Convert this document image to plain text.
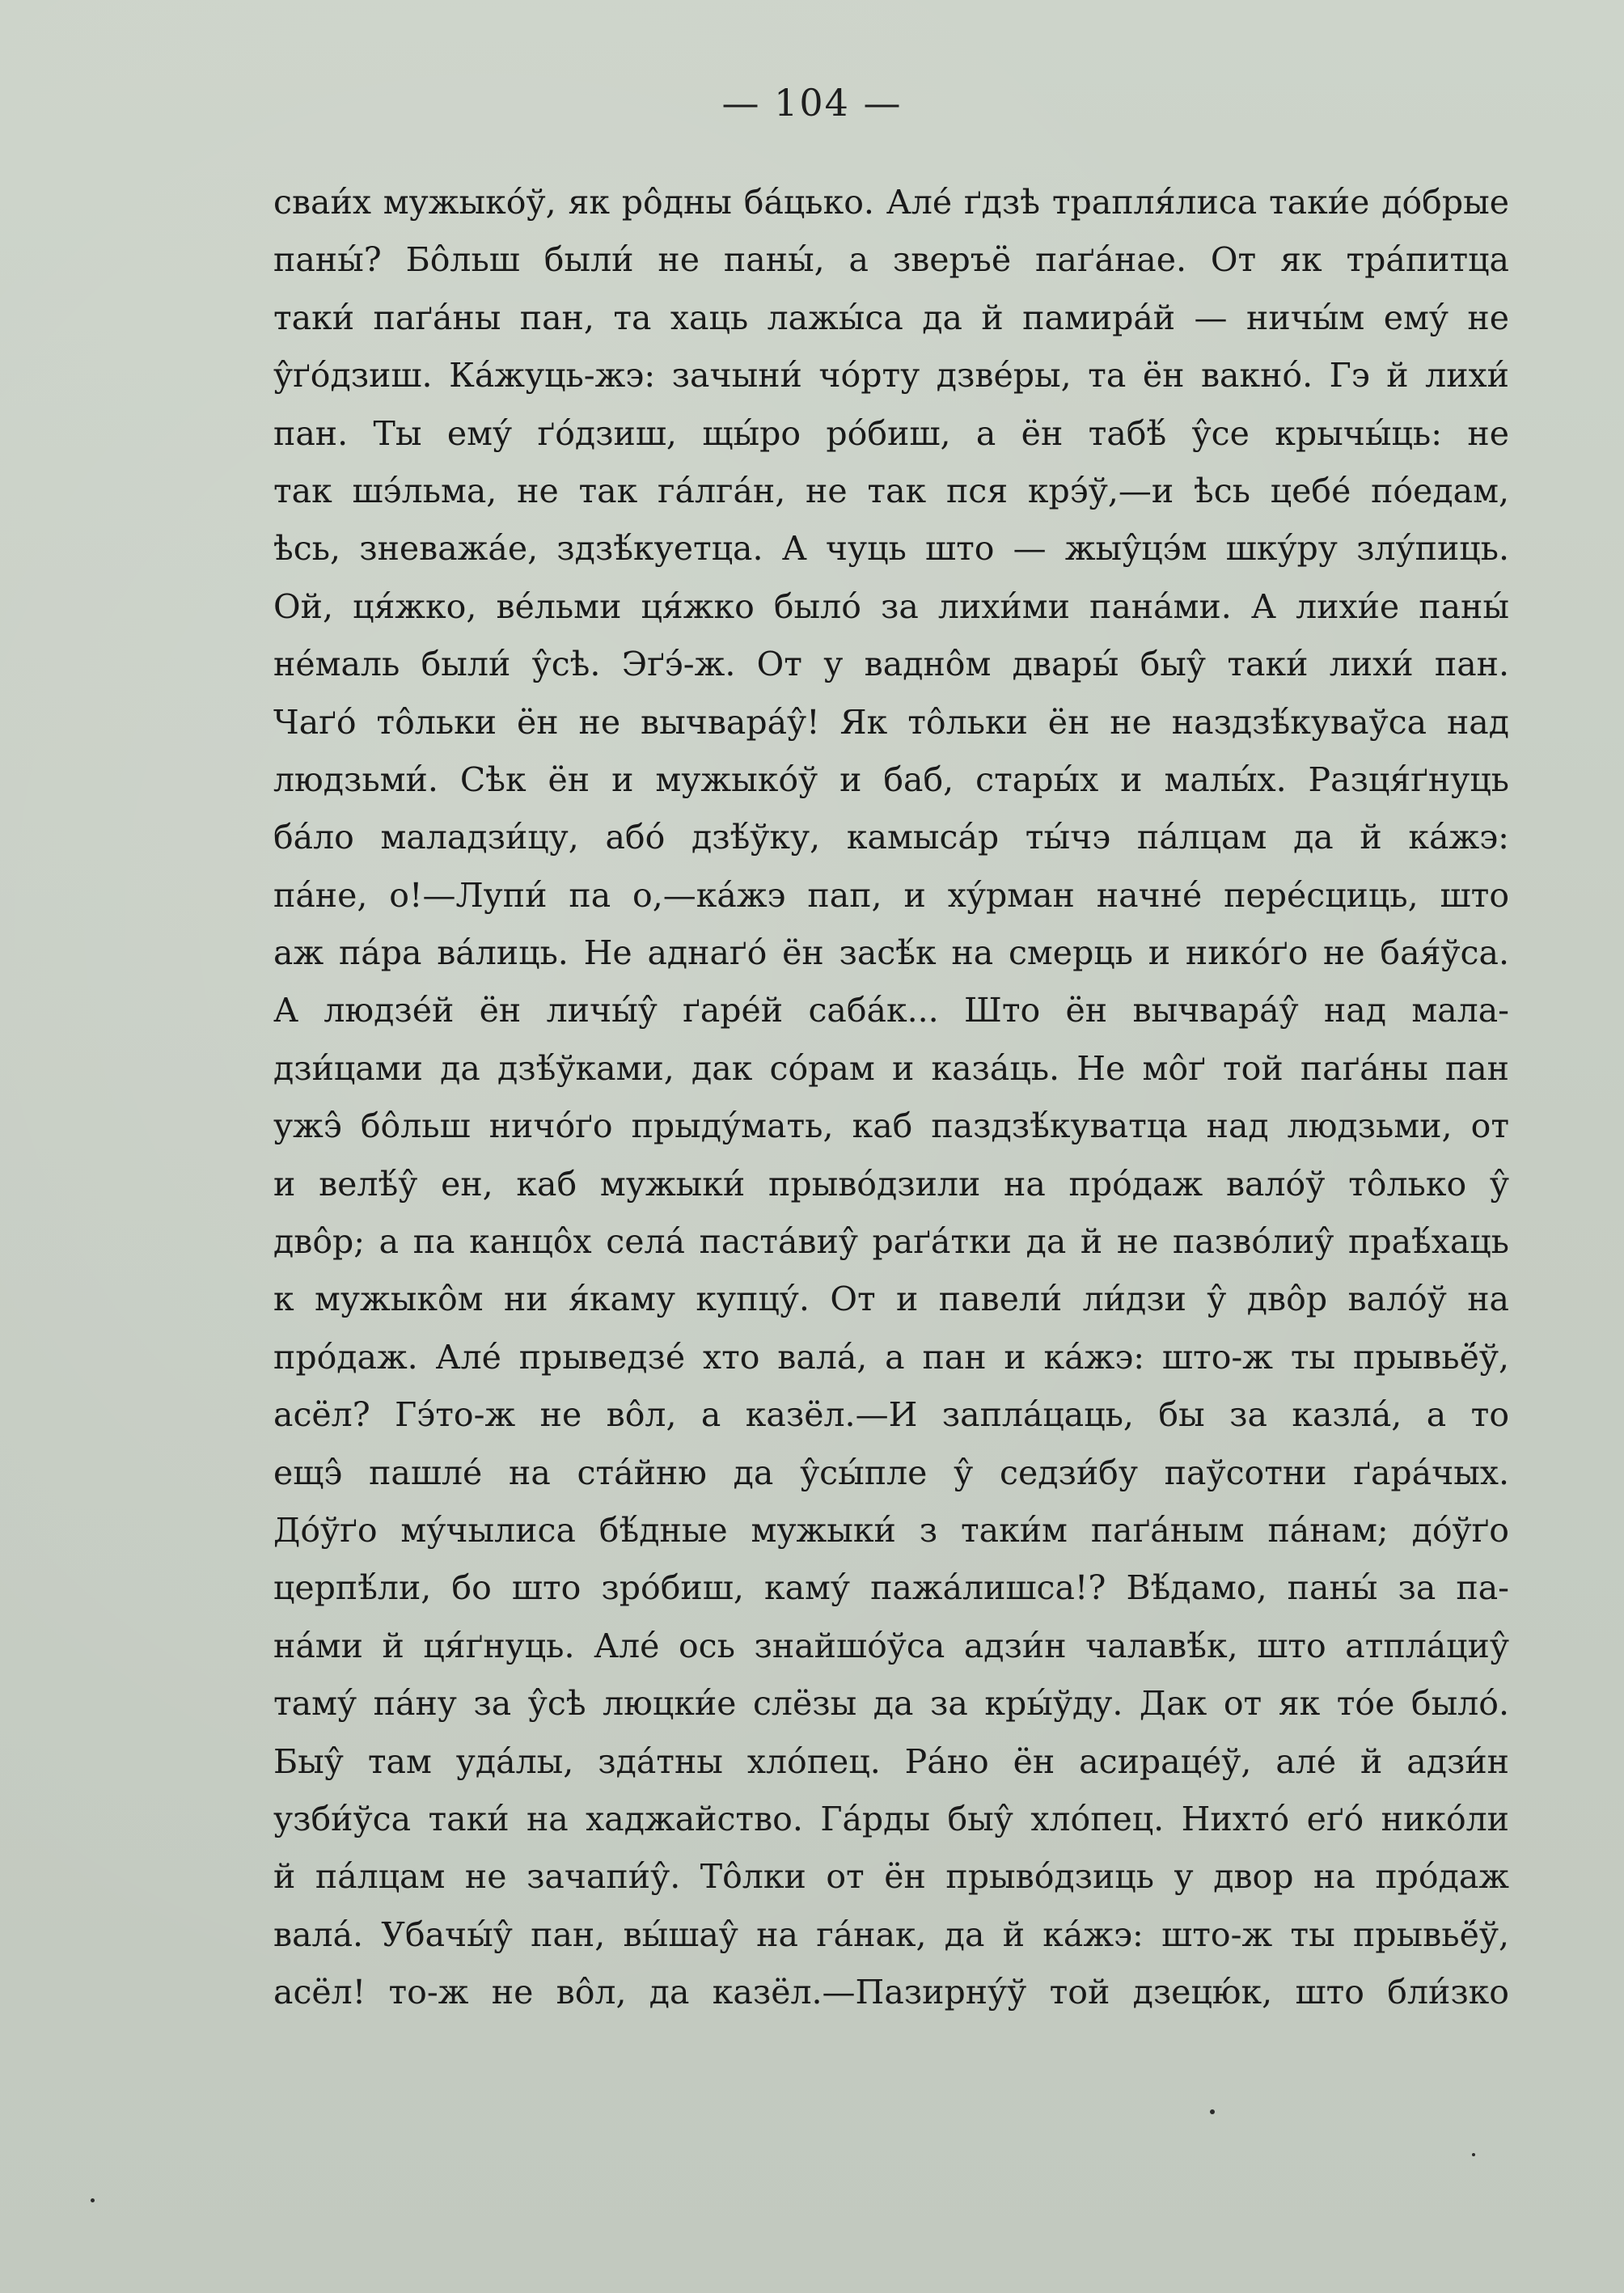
— 104 —
сваи́х мужыко́ў, як ро̂дны ба́цько. Але́ ґдзѣ трапля́лиса таки́е до́брые
паны́? Бо̂льш были́ не паны́, а зверъё паґа́нае. От як тра́питца
таки́ паґа́ны пан, та хаць лажы́са да й памира́й — ничы́м ему́ не
у̂ґо́дзиш. Ка́жуць-жэ: зачыни́ чо́рту дзве́ры, та ён вакно́. Гэ й лихи́
пан. Ты ему́ ґо́дзиш, щы́ро ро́биш, а ён табѣ́ у̂се крычы́ць: не
так шэ́льма, не так га́лга́н, не так пся крэ́ў,—и ѣсь цебе́ по́едам,
ѣсь, зневажа́е, здзѣ́куетца. А чуць што — жыу̂цэ́м шку́ру злу́пиць.
Ой, ця́жко, ве́льми ця́жко было́ за лихи́ми пана́ми. А лихи́е паны́
не́маль были́ у̂сѣ. Эґэ́-ж. От у вадно̂м двары́ быу̂ таки́ лихи́ пан.
Чаґо́ то̂льки ён не вычвара́у̂! Як то̂льки ён не наздзѣ́куваўса над
людзьми́. Сѣк ён и мужыко́ў и баб, стары́х и малы́х. Разця́ґнуць
ба́ло маладзи́цу, або́ дзѣ́ўку, камыса́р ты́чэ па́лцам да й ка́жэ:
па́не, о!—Лупи́ па о,—ка́жэ пап, и ху́рман начне́ пере́сциць, што
аж па́ра ва́лиць. Не аднаґо́ ён засѣ́к на смерць и нико́ґо не бая́ўса.
А людзе́й ён личы́у̂ ґаре́й саба́к... Што ён вычвара́у̂ над мала-
дзи́цами да дзѣ́ўками, дак со́рам и каза́ць. Не мо̂ґ той паґа́ны пан
ужэ̂ бо̂льш ничо́ґо прыду́мать, каб паздзѣ́куватца над людзьми, от
и велѣ́у̂ ен, каб мужыки́ прыво́дзили на про́даж вало́ў то̂лько у̂
дво̂р; а па канцо̂х села́ паста́виу̂ раґа́тки да й не пазво́лиу̂ праѣ́хаць
к мужыко̂м ни я́каму купцу́. От и павели́ ли́дзи у̂ дво̂р вало́ў на
про́даж. Але́ прыведзе́ хто вала́, а пан и ка́жэ: што-ж ты прывьё́ў,
асёл? Гэ́то-ж не во̂л, а казёл.—И запла́цаць, бы за казла́, а то
ещэ̂ пашле́ на ста́йню да у̂сы́пле у̂ седзи́бу паўсотни ґара́чых.
До́ўґо му́чылиса бѣ́дные мужыки́ з таки́м паґа́ным па́нам; до́ўґо
церпѣ́ли, бо што зро́биш, каму́ пажа́лишса!? Вѣ́дамо, паны́ за па-
на́ми й ця́ґнуць. Але́ ось знайшо́ўса адзи́н чалавѣ́к, што атпла́циу̂
таму́ па́ну за у̂сѣ люцки́е слёзы да за кры́ўду. Дак от як то́е было́.
Быу̂ там уда́лы, зда́тны хло́пец. Ра́но ён асираце́ў, але́ й адзи́н
узби́ўса таки́ на хаджайство. Га́рды быу̂ хло́пец. Нихто́ еґо́ нико́ли
й па́лцам не зачапи́у̂. То̂лки от ён прыво́дзиць у двор на про́даж
вала́. Убачы́у̂ пан, вы́шау̂ на га́нак, да й ка́жэ: што-ж ты прывьё́ў,
асёл! то-ж не во̂л, да казёл.—Пазирну́ў той дзецю́к, што бли́зко
